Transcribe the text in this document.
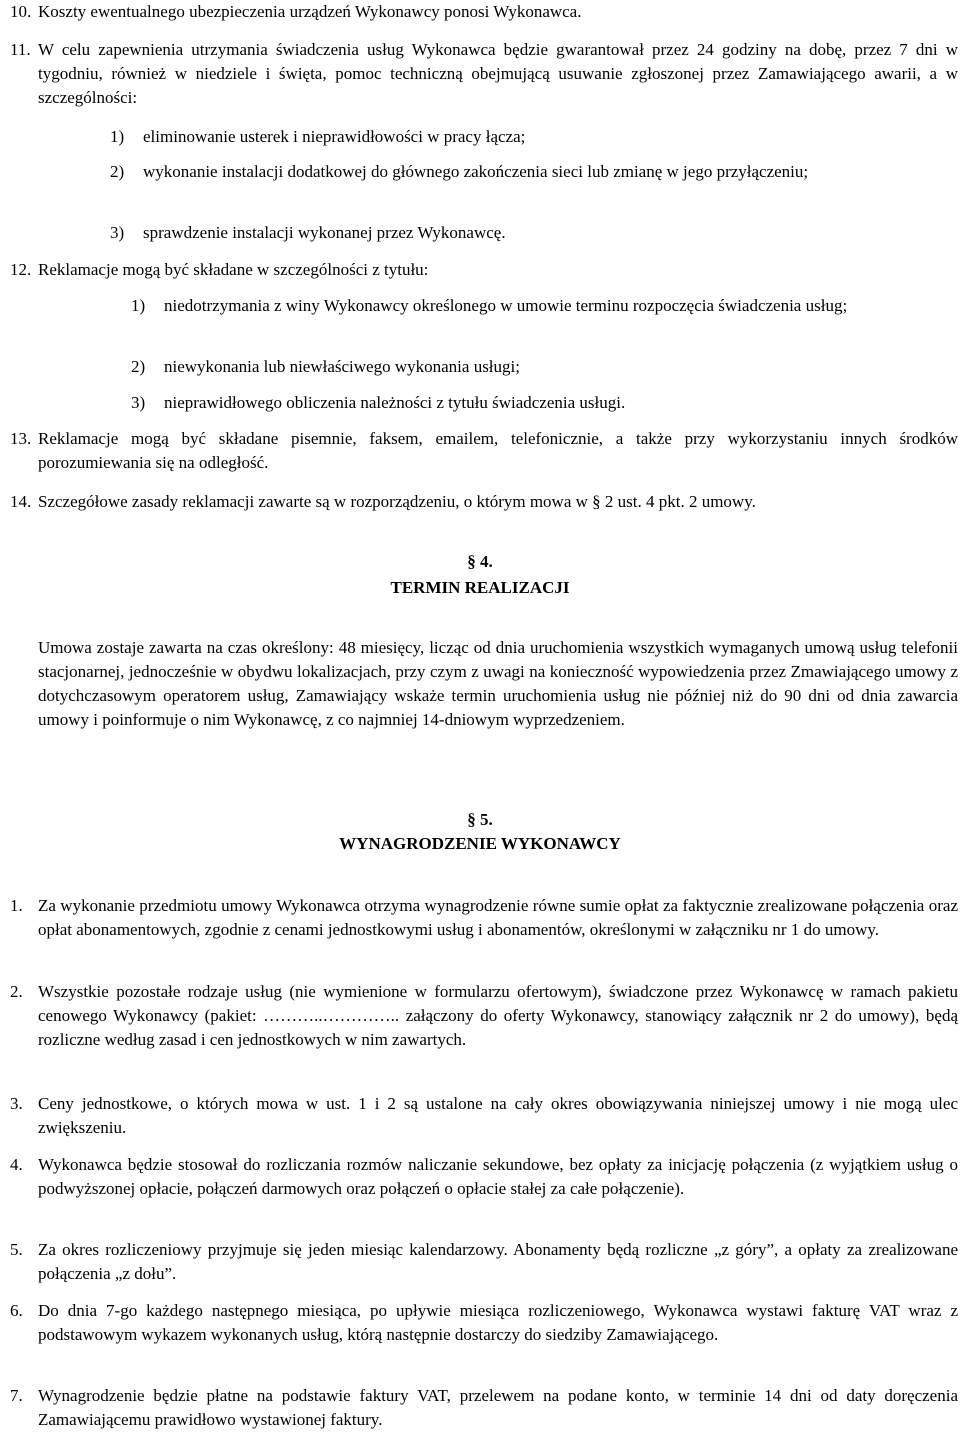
10. Koszty ewentualnego ubezpieczenia urządzeń Wykonawcy ponosi Wykonawca.
11. W celu zapewnienia utrzymania świadczenia usług Wykonawca będzie gwarantował przez 24 godziny na dobę, przez 7 dni w tygodniu, również w niedziele i święta, pomoc techniczną obejmującą usuwanie zgłoszonej przez Zamawiającego awarii, a w szczególności:
1) eliminowanie usterek i nieprawidłowości w pracy łącza;
2) wykonanie instalacji dodatkowej do głównego zakończenia sieci lub zmianę w jego przyłączeniu;
3) sprawdzenie instalacji wykonanej przez Wykonawcę.
12. Reklamacje mogą być składane w szczególności z tytułu:
1) niedotrzymania z winy Wykonawcy określonego w umowie terminu rozpoczęcia świadczenia usług;
2) niewykonania lub niewłaściwego wykonania usługi;
3) nieprawidłowego obliczenia należności z tytułu świadczenia usługi.
13. Reklamacje mogą być składane pisemnie, faksem, emailem, telefonicznie, a także przy wykorzystaniu innych środków porozumiewania się na odległość.
14. Szczegółowe zasady reklamacji zawarte są w rozporządzeniu, o którym mowa w § 2 ust. 4 pkt. 2 umowy.
§ 4.
TERMIN REALIZACJI
Umowa zostaje zawarta na czas określony: 48 miesięcy, licząc od dnia uruchomienia wszystkich wymaganych umową usług telefonii stacjonarnej, jednocześnie w obydwu lokalizacjach, przy czym z uwagi na konieczność wypowiedzenia przez Zmawiającego umowy z dotychczasowym operatorem usług, Zamawiający wskaże termin uruchomienia usług nie później niż do 90 dni od dnia zawarcia umowy i poinformuje o nim Wykonawcę, z co najmniej 14-dniowym wyprzedzeniem.
§ 5.
WYNAGRODZENIE WYKONAWCY
1. Za wykonanie przedmiotu umowy Wykonawca otrzyma wynagrodzenie równe sumie opłat za faktycznie zrealizowane połączenia oraz opłat abonamentowych, zgodnie z cenami jednostkowymi usług i abonamentów, określonymi w załączniku nr 1 do umowy.
2. Wszystkie pozostałe rodzaje usług (nie wymienione w formularzu ofertowym), świadczone przez Wykonawcę w ramach pakietu cenowego Wykonawcy (pakiet: ………..………….. załączony do oferty Wykonawcy, stanowiący załącznik nr 2 do umowy), będą rozliczne według zasad i cen jednostkowych w nim zawartych.
3. Ceny jednostkowe, o których mowa w ust. 1 i 2 są ustalone na cały okres obowiązywania niniejszej umowy i nie mogą ulec zwiększeniu.
4. Wykonawca będzie stosował do rozliczania rozmów naliczanie sekundowe, bez opłaty za inicjację połączenia (z wyjątkiem usług o podwyższonej opłacie, połączeń darmowych oraz połączeń o opłacie stałej za całe połączenie).
5. Za okres rozliczeniowy przyjmuje się jeden miesiąc kalendarzowy. Abonamenty będą rozliczne „z góry”, a opłaty za zrealizowane połączenia „z dołu”.
6. Do dnia 7-go każdego następnego miesiąca, po upływie miesiąca rozliczeniowego, Wykonawca wystawi fakturę VAT wraz z podstawowym wykazem wykonanych usług, którą następnie dostarczy do siedziby Zamawiającego.
7. Wynagrodzenie będzie płatne na podstawie faktury VAT, przelewem na podane konto, w terminie 14 dni od daty doręczenia Zamawiającemu prawidłowo wystawionej faktury.
